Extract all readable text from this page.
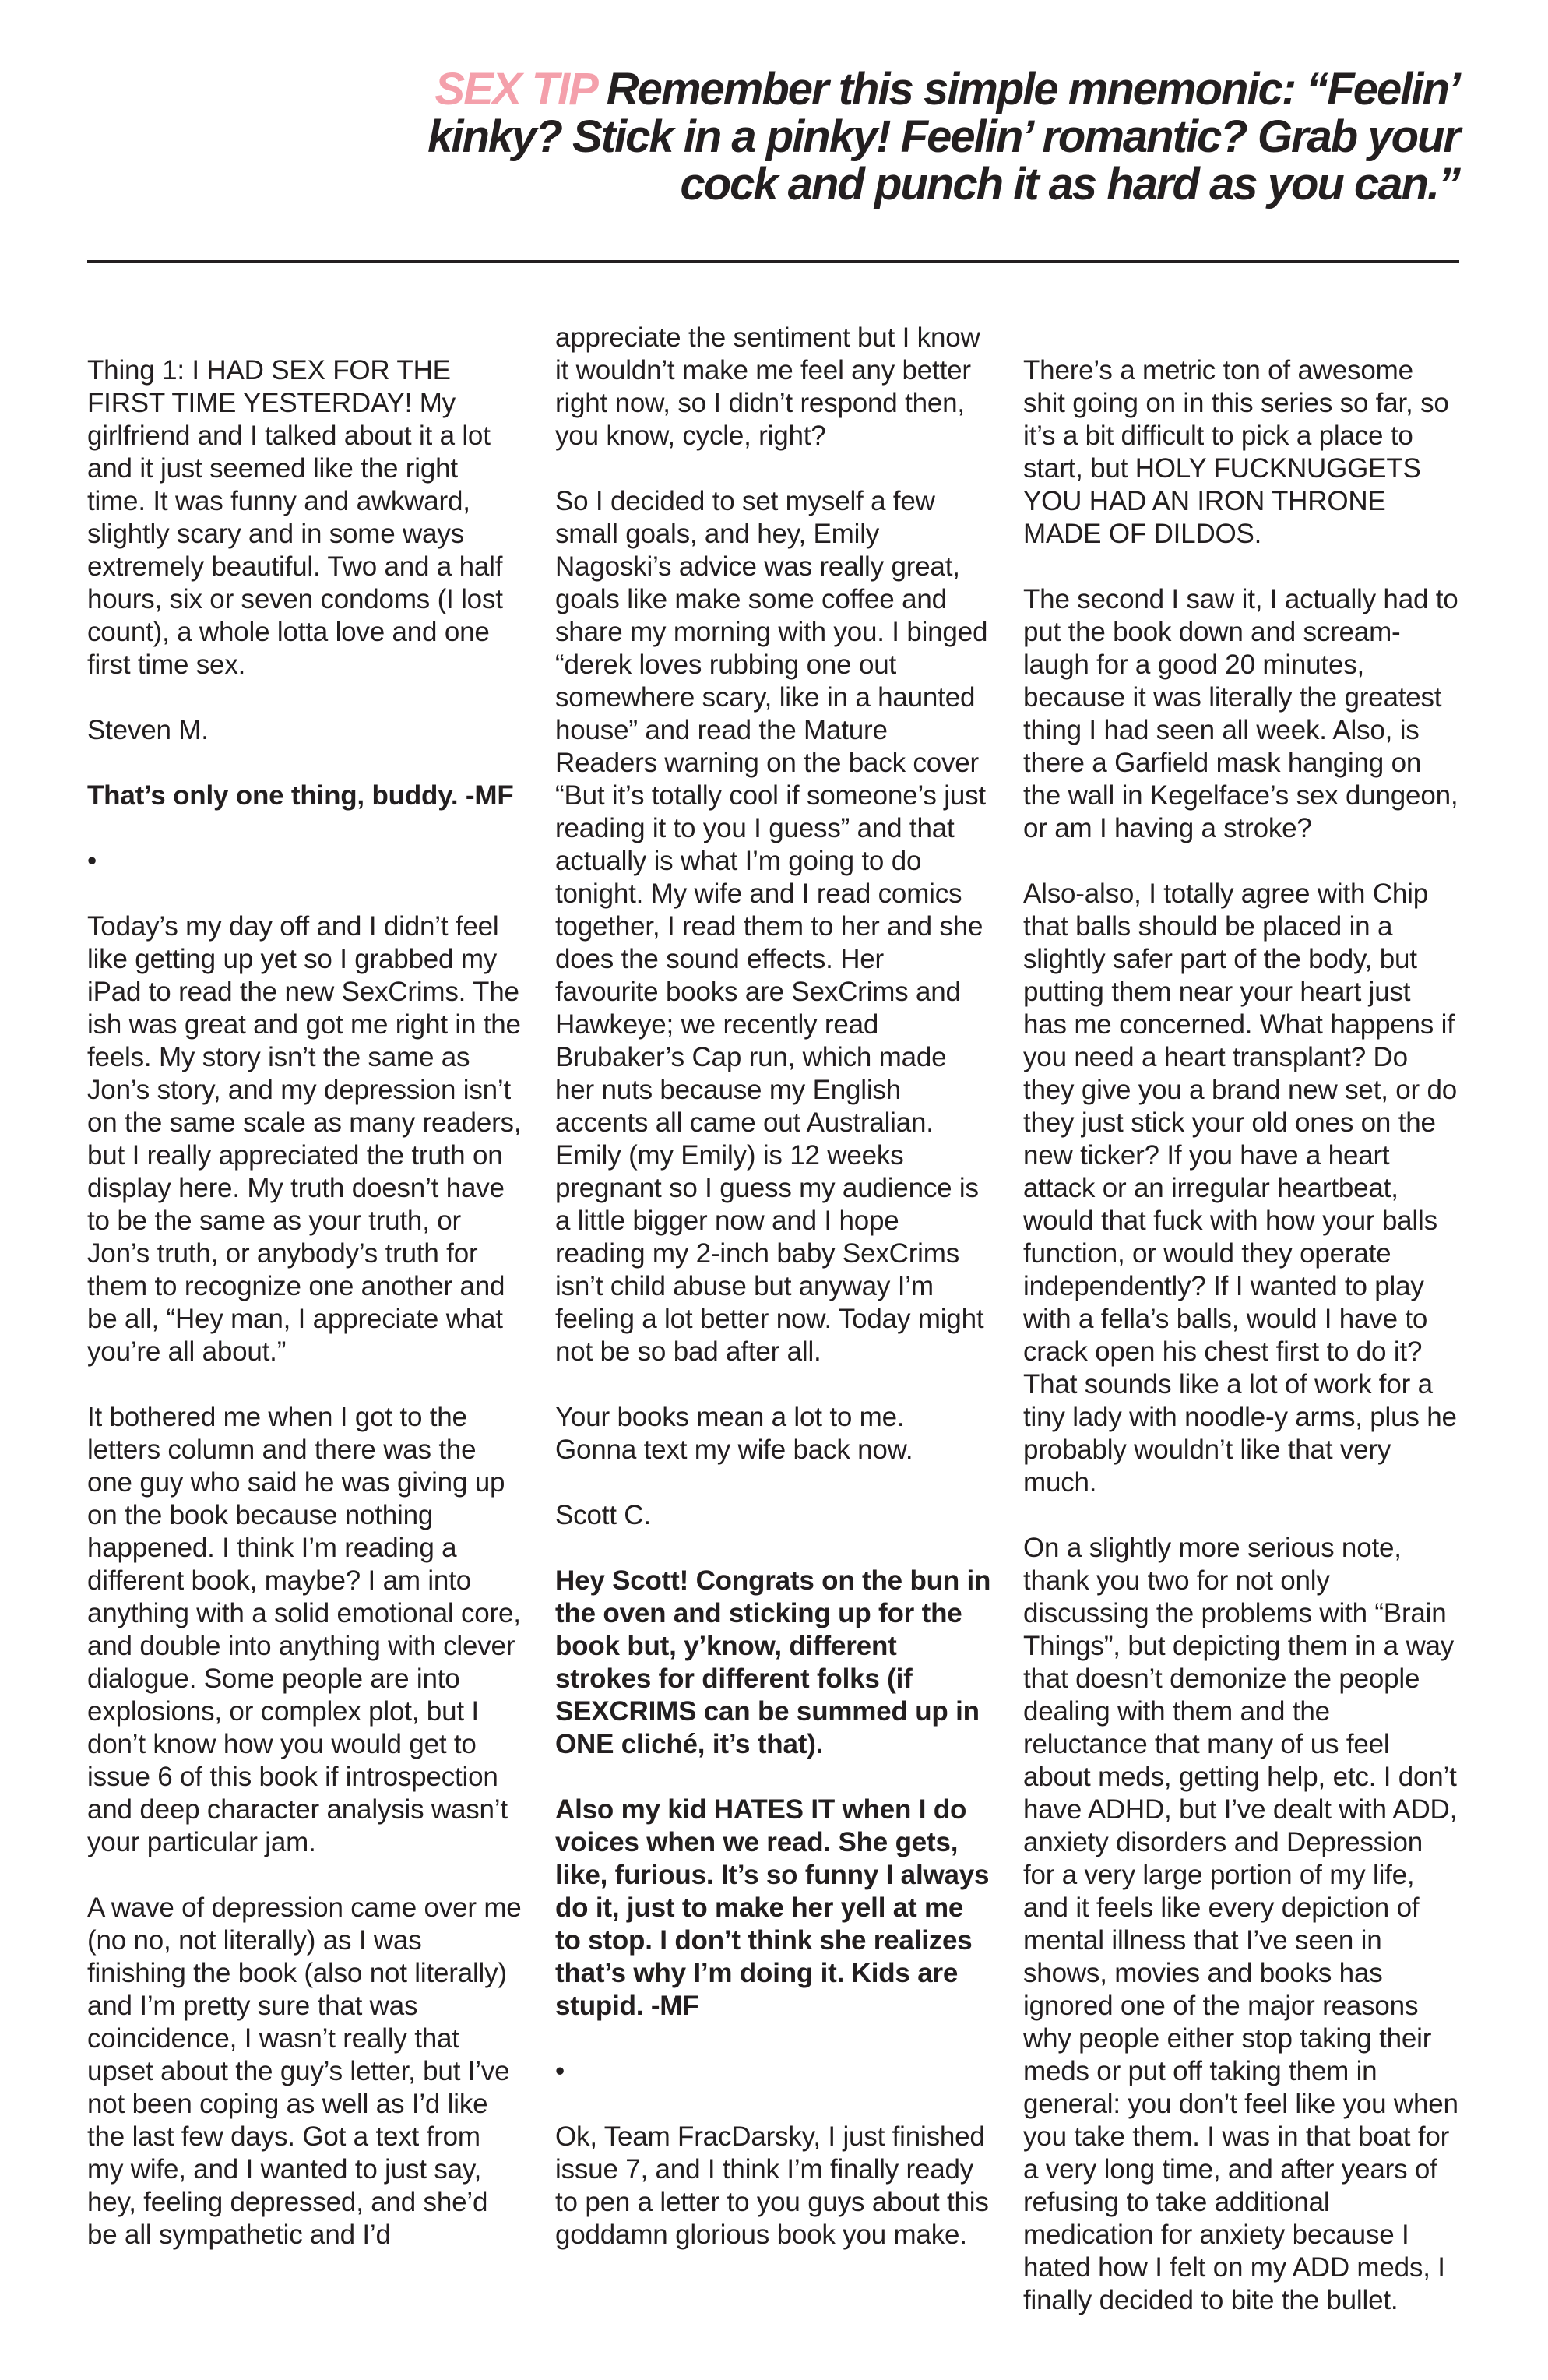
SEX TIP Remember this simple mnemonic: “Feelin’
kinky? Stick in a pinky! Feelin’ romantic? Grab your
cock and punch it as hard as you can.”

Thing 1: I HAD SEX FOR THE FIRST TIME YESTERDAY! My girlfriend and I talked about it a lot and it just seemed like the right time. It was funny and awkward, slightly scary and in some ways extremely beautiful. Two and a half hours, six or seven condoms (I lost count), a whole lotta love and one first time sex.

Steven M.

That’s only one thing, buddy. -MF

•

Today’s my day off and I didn’t feel like getting up yet so I grabbed my iPad to read the new SexCrims. The ish was great and got me right in the feels. My story isn’t the same as Jon’s story, and my depression isn’t on the same scale as many readers, but I really appreciated the truth on display here. My truth doesn’t have to be the same as your truth, or Jon’s truth, or anybody’s truth for them to recognize one another and be all, “Hey man, I appreciate what you’re all about.”

It bothered me when I got to the letters column and there was the one guy who said he was giving up on the book because nothing happened. I think I’m reading a different book, maybe? I am into anything with a solid emotional core, and double into anything with clever dialogue. Some people are into explosions, or complex plot, but I don’t know how you would get to issue 6 of this book if introspection and deep character analysis wasn’t your particular jam.

A wave of depression came over me (no no, not literally) as I was finishing the book (also not literally) and I’m pretty sure that was coincidence, I wasn’t really that upset about the guy’s letter, but I’ve not been coping as well as I’d like the last few days. Got a text from my wife, and I wanted to just say, hey, feeling depressed, and she’d be all sympathetic and I’d

appreciate the sentiment but I know it wouldn’t make me feel any better right now, so I didn’t respond then, you know, cycle, right?

So I decided to set myself a few small goals, and hey, Emily Nagoski’s advice was really great, goals like make some coffee and share my morning with you. I binged “derek loves rubbing one out somewhere scary, like in a haunted house” and read the Mature Readers warning on the back cover “But it’s totally cool if someone’s just reading it to you I guess” and that actually is what I’m going to do tonight. My wife and I read comics together, I read them to her and she does the sound effects. Her favourite books are SexCrims and Hawkeye; we recently read Brubaker’s Cap run, which made her nuts because my English accents all came out Australian. Emily (my Emily) is 12 weeks pregnant so I guess my audience is a little bigger now and I hope reading my 2-inch baby SexCrims isn’t child abuse but anyway I’m feeling a lot better now. Today might not be so bad after all.

Your books mean a lot to me. Gonna text my wife back now.

Scott C.

Hey Scott! Congrats on the bun in the oven and sticking up for the book but, y’know, different strokes for different folks (if SEXCRIMS can be summed up in ONE cliché, it’s that).

Also my kid HATES IT when I do voices when we read. She gets, like, furious. It’s so funny I always do it, just to make her yell at me to stop. I don’t think she realizes that’s why I’m doing it. Kids are stupid. -MF

•

Ok, Team FracDarsky, I just finished issue 7, and I think I’m finally ready to pen a letter to you guys about this goddamn glorious book you make.

There’s a metric ton of awesome shit going on in this series so far, so it’s a bit difficult to pick a place to start, but HOLY FUCKNUGGETS YOU HAD AN IRON THRONE MADE OF DILDOS.

The second I saw it, I actually had to put the book down and scream-laugh for a good 20 minutes, because it was literally the greatest thing I had seen all week. Also, is there a Garfield mask hanging on the wall in Kegelface’s sex dungeon, or am I having a stroke?

Also-also, I totally agree with Chip that balls should be placed in a slightly safer part of the body, but putting them near your heart just has me concerned. What happens if you need a heart transplant? Do they give you a brand new set, or do they just stick your old ones on the new ticker? If you have a heart attack or an irregular heartbeat, would that fuck with how your balls function, or would they operate independently? If I wanted to play with a fella’s balls, would I have to crack open his chest first to do it? That sounds like a lot of work for a tiny lady with noodle-y arms, plus he probably wouldn’t like that very much.

On a slightly more serious note, thank you two for not only discussing the problems with “Brain Things”, but depicting them in a way that doesn’t demonize the people dealing with them and the reluctance that many of us feel about meds, getting help, etc. I don’t have ADHD, but I’ve dealt with ADD, anxiety disorders and Depression for a very large portion of my life, and it feels like every depiction of mental illness that I’ve seen in shows, movies and books has ignored one of the major reasons why people either stop taking their meds or put off taking them in general: you don’t feel like you when you take them. I was in that boat for a very long time, and after years of refusing to take additional medication for anxiety because I hated how I felt on my ADD meds, I finally decided to bite the bullet.
